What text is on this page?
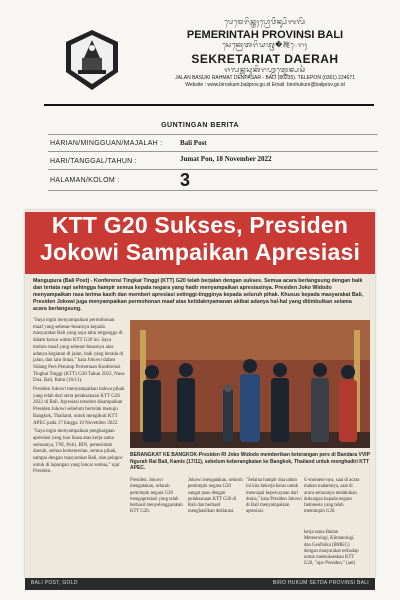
ᬧᬾᬫᬾᬭᬶᬦ᭄ᬢᬄᬧ᭄ᬭᭀᬯᬶᬦ᭄ᬲᬶᬩᬮᬶ
PEMERINTAH PROVINSI BALI
ᬲᬾᬓ᭄ᬭᬾᬢᬭᬶᬬᬢ᭄ᬥ�琬ᬾᬭᬄ
SEKRETARIAT DAERAH
ᬚᬮᬦ᭄ᬩᬲᬸᬓᬶᬭᬳ᭄ᬫᬢ᭄ᬤᬾᬦ᭄ᬧᬲᬃ
JALAN BASUKI RAHMAT DENPASAR - BALI (80235). TELEPON (0361) 224671
Website : www.biroxkum.baliprov.go.id Email: birohukum@baliprov.go.id
GUNTINGAN BERITA
HARIAN/MINGGUAN/MAJALAH : Bali Post
HARI/TANGGAL/TAHUN :	Jumat Pon, 18 November 2022
HALAMAN/KOLOM :	3
KTT G20 Sukses, Presiden
Jokowi Sampaikan Apresiasi
Mangupura (Bali Post) - Konferensi Tingkat Tinggi (KTT) G20 telah berjalan dengan sukses. Semua acara berlangsung dengan baik dan tertata rapi sehingga hampir semua kepala negara yang hadir menyampaikan apresiasinya. Presiden Joko Widodo menyampaikan rasa terima kasih dan memberi apresiasi setinggi-tingginya kepada seluruh pihak. Khusus kepada masyarakat Bali, Presiden Jokowi juga menyampaikan permohonan maaf atas ketidaknyamanan akibat adanya hal-hal yang ditimbulkan selama acara berlangsung.

"Saya ingin menyampaikan permohonan maaf yang sebesar-besarnya kepada masyarakat Bali yang saya tahu terganggu di dalam kurun waktu KTT G20 ini. Saya mohon maaf yang sebesar-besarnya atas adanya kegiatan di jalan, baik yang berada di jalan, dan lalu lintas," kata Jokowi dalam Sidang Pers Penutup Pertemuan Konferensi Tingkat Tinggi (KTT) G20 Tahun 2022, Nusa Dua, Bali, Rabu (16/11).

Presiden Jokowi menyampaikan bahwa pihak yang telah dari serta pelaksanaan KTT G20 2022 di Bali. Apresiasi tersebut disampaikan Presiden Jokowi sebelum bertolak menuju Bangkok, Thailand, untuk mengikuti KTT APEC pada 17 hingga 19 November 2022.

"Saya ingin menyampaikan penghargaan apresiasi yang luar biasa atas kerja sama semuanya, TNI, Polri, BIN, pemerintah daerah, semua kementerian, semua pihak, sampai dengan masyarakat Bali, dan pelapor untuk di lapangan yang lancar semua," ujar Presiden.

BERANGKAT KE BANGKOK-Presiden RI Joko Widodo memberikan keterangan pers di Bandara VVIP Ngurah Rai Bali, Kamis (17/11), sebelum keberangkatan ke Bangkok, Thailand untuk menghadiri KTT APEC.
Presiden. Jokowi mengatakan, seluruh pemimpin negara G20 mengapresiasi yang telah berhasil menyelenggarakan KTT G20.
Jokowi mengatakan, seluruh pemimpin negara G20 sangat puas dengan pelaksanaan KTT G20 di Bali dan berhasil menghasilkan deklarasi.
"Selama hampir dua tahun ini kita bekerja keras untuk mencapai kepercayaan dari dunia," kata Presiden Jokowi di Bali menyampaikan apresiasi.
G-moment-nya, saat di acara makan malamnya, saat di acara semuanya melakukan dukungan kepada negara Indonesia yang telah memimpin G20.
kerja sama Badan Meteorologi, Klimatologi, dan Geofisika (BMKG) dengan masyarakat terhadap untuk mensukseskan KTT G20, "ujar Presiden." (ant)
BALI POST, GOLD	BIRO HUKUM SETDA PROVINSI BALI
